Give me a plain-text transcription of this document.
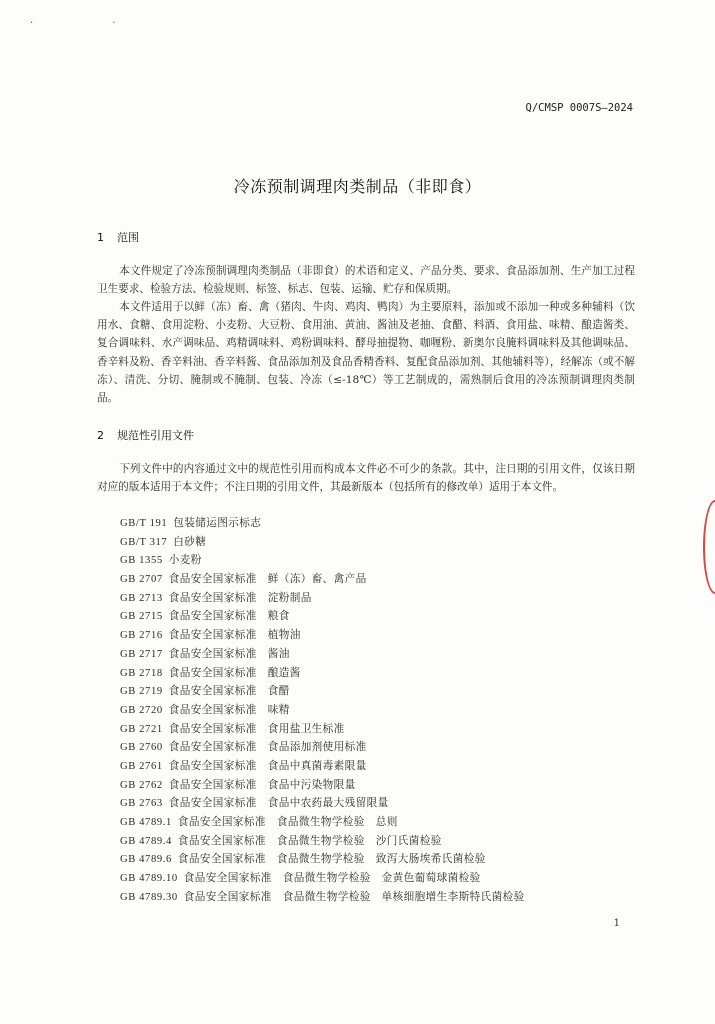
· ·
Q/CMSP 0007S—2024
冷冻预制调理肉类制品（非即食）
1 范围
本文件规定了冷冻预制调理肉类制品（非即食）的术语和定义、产品分类、要求、食品添加剂、生产加工过程卫生要求、检验方法、检验规则、标签、标志、包装、运输、贮存和保质期。
本文件适用于以鲜（冻）畜、禽（猪肉、牛肉、鸡肉、鸭肉）为主要原料，添加或不添加一种或多种辅料（饮用水、食糖、食用淀粉、小麦粉、大豆粉、食用油、黄油、酱油及老抽、食醋、料酒、食用盐、味精、酿造酱类、复合调味料、水产调味品、鸡精调味料、鸡粉调味料、酵母抽提物、咖喱粉、新奥尔良腌料调味料及其他调味品、香辛料及粉、香辛料油、香辛料酱、食品添加剂及食品香精香料、复配食品添加剂、其他辅料等），经解冻（或不解冻）、清洗、分切、腌制或不腌制、包装、冷冻（≤-18℃）等工艺制成的，需熟制后食用的冷冻预制调理肉类制品。
2 规范性引用文件
下列文件中的内容通过文中的规范性引用而构成本文件必不可少的条款。其中，注日期的引用文件，仅该日期对应的版本适用于本文件；不注日期的引用文件，其最新版本（包括所有的修改单）适用于本文件。
GB/T 191 包装储运图示标志
GB/T 317 白砂糖
GB 1355 小麦粉
GB 2707 食品安全国家标准　鲜（冻）畜、禽产品
GB 2713 食品安全国家标准　淀粉制品
GB 2715 食品安全国家标准　粮食
GB 2716 食品安全国家标准　植物油
GB 2717 食品安全国家标准　酱油
GB 2718 食品安全国家标准　酿造酱
GB 2719 食品安全国家标准　食醋
GB 2720 食品安全国家标准　味精
GB 2721 食品安全国家标准　食用盐卫生标准
GB 2760 食品安全国家标准　食品添加剂使用标准
GB 2761 食品安全国家标准　食品中真菌毒素限量
GB 2762 食品安全国家标准　食品中污染物限量
GB 2763 食品安全国家标准　食品中农药最大残留限量
GB 4789.1 食品安全国家标准　食品微生物学检验　总则
GB 4789.4 食品安全国家标准　食品微生物学检验　沙门氏菌检验
GB 4789.6 食品安全国家标准　食品微生物学检验　致泻大肠埃希氏菌检验
GB 4789.10 食品安全国家标准　食品微生物学检验　金黄色葡萄球菌检验
GB 4789.30 食品安全国家标准　食品微生物学检验　单核细胞增生李斯特氏菌检验
1
